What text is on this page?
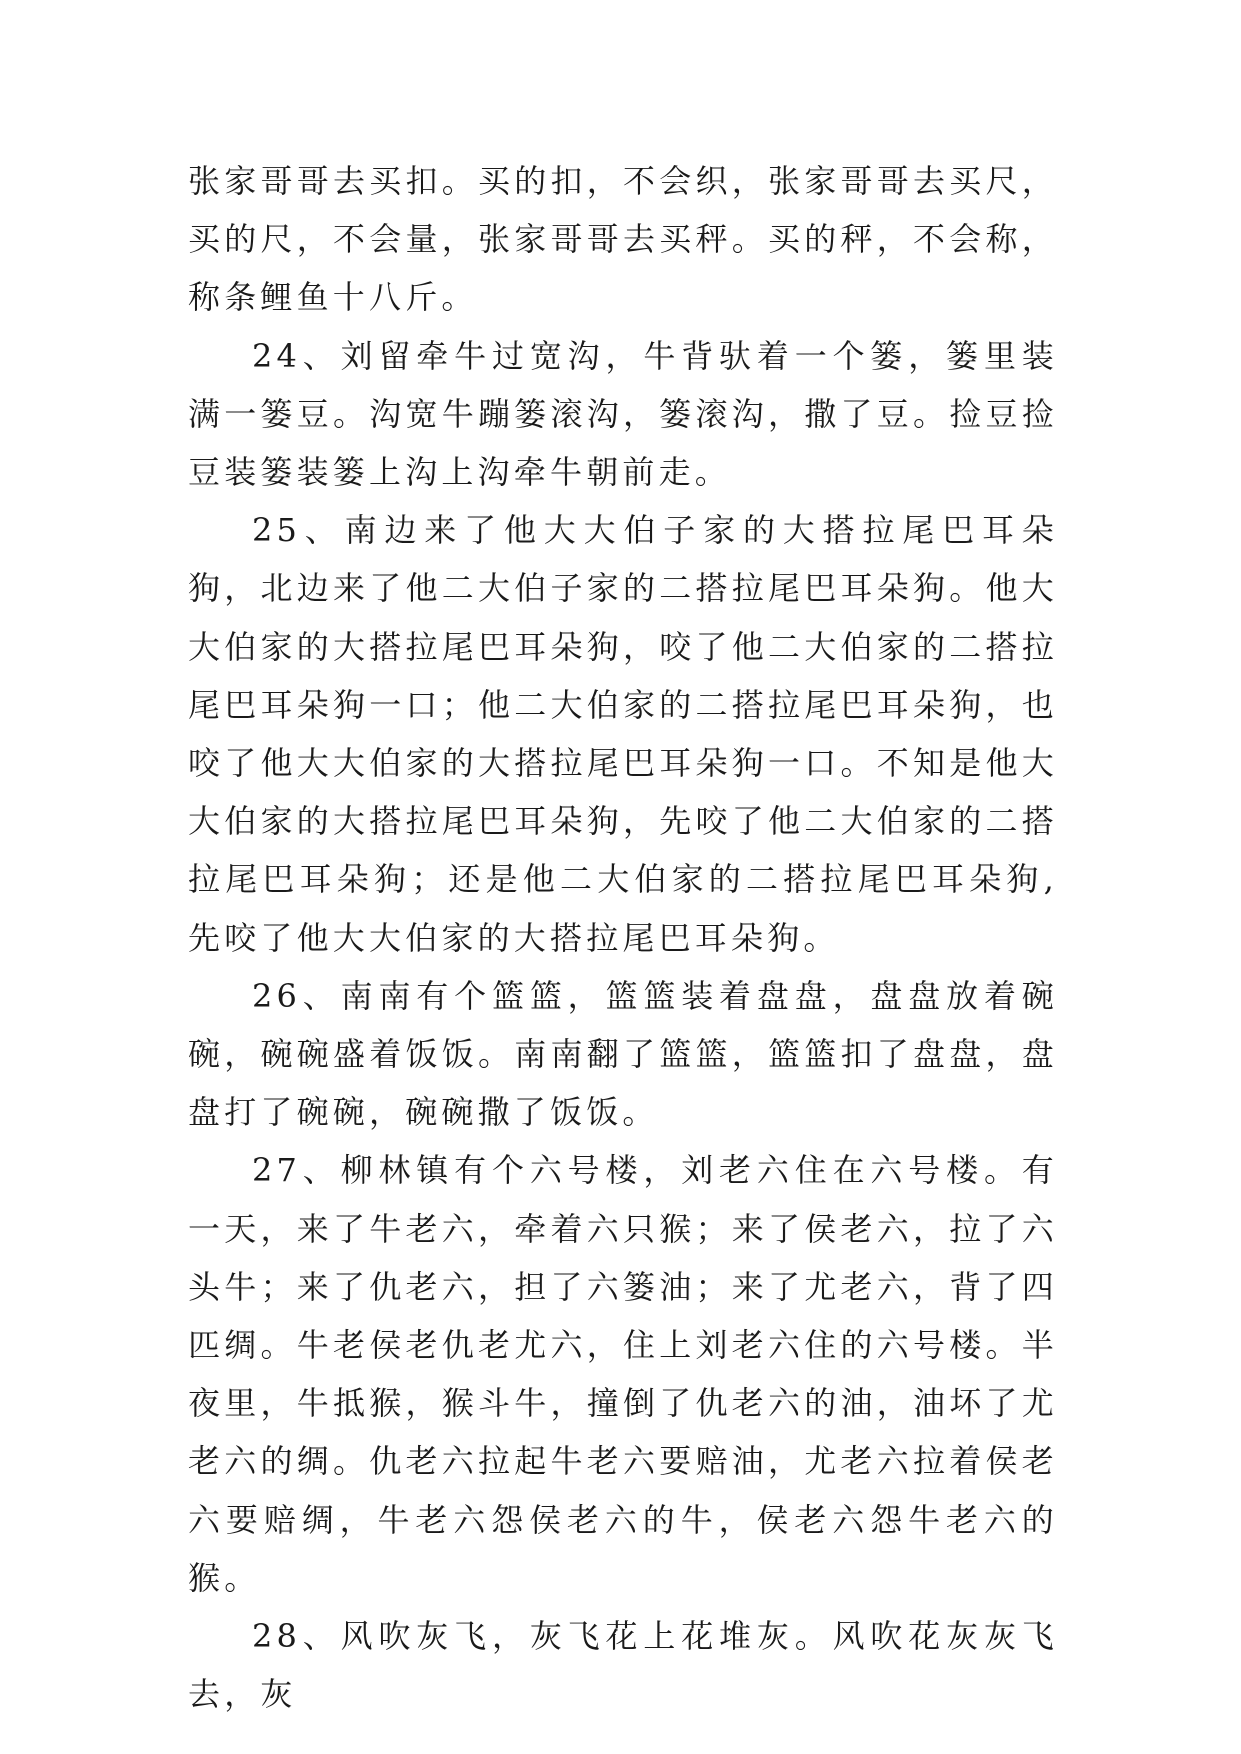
张家哥哥去买扣。买的扣，不会织，张家哥哥去买尺，买的尺，不会量，张家哥哥去买秤。买的秤，不会称，称条鲤鱼十八斤。

24、刘留牵牛过宽沟，牛背驮着一个篓，篓里装满一篓豆。沟宽牛蹦篓滚沟，篓滚沟，撒了豆。捡豆捡豆装篓装篓上沟上沟牵牛朝前走。

25、南边来了他大大伯子家的大搭拉尾巴耳朵狗，北边来了他二大伯子家的二搭拉尾巴耳朵狗。他大大伯家的大搭拉尾巴耳朵狗，咬了他二大伯家的二搭拉尾巴耳朵狗一口；他二大伯家的二搭拉尾巴耳朵狗，也咬了他大大伯家的大搭拉尾巴耳朵狗一口。不知是他大大伯家的大搭拉尾巴耳朵狗，先咬了他二大伯家的二搭拉尾巴耳朵狗；还是他二大伯家的二搭拉尾巴耳朵狗,先咬了他大大伯家的大搭拉尾巴耳朵狗。

26、南南有个篮篮，篮篮装着盘盘，盘盘放着碗碗，碗碗盛着饭饭。南南翻了篮篮，篮篮扣了盘盘，盘盘打了碗碗，碗碗撒了饭饭。

27、柳林镇有个六号楼，刘老六住在六号楼。有一天，来了牛老六，牵着六只猴；来了侯老六，拉了六头牛；来了仇老六，担了六篓油；来了尤老六，背了四匹绸。牛老侯老仇老尤六，住上刘老六住的六号楼。半夜里，牛抵猴，猴斗牛，撞倒了仇老六的油，油坏了尤老六的绸。仇老六拉起牛老六要赔油，尤老六拉着侯老六要赔绸，牛老六怨侯老六的牛，侯老六怨牛老六的猴。

28、风吹灰飞，灰飞花上花堆灰。风吹花灰灰飞去，灰
